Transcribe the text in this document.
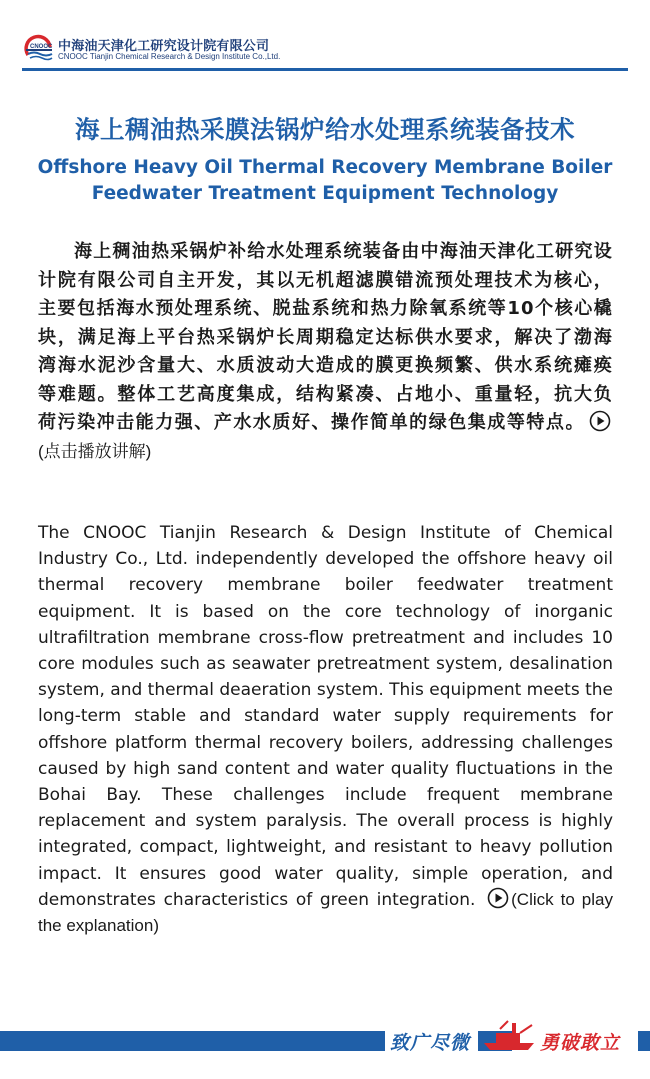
CNOOC 中海油天津化工研究设计院有限公司
CNOOC Tianjin Chemical Research & Design Institute Co.,Ltd.
海上稠油热采膜法锅炉给水处理系统装备技术
Offshore Heavy Oil Thermal Recovery Membrane Boiler Feedwater Treatment Equipment Technology

海上稠油热采锅炉补给水处理系统装备由中海油天津化工研究设计院有限公司自主开发，其以无机超滤膜错流预处理技术为核心，主要包括海水预处理系统、脱盐系统和热力除氧系统等10个核心橇块，满足海上平台热采锅炉长周期稳定达标供水要求，解决了渤海湾海水泥沙含量大、水质波动大造成的膜更换频繁、供水系统瘫痪等难题。整体工艺高度集成，结构紧凑、占地小、重量轻，抗大负荷污染冲击能力强、产水水质好、操作简单的绿色集成等特点。(点击播放讲解)

The CNOOC Tianjin Research & Design Institute of Chemical Industry Co., Ltd. independently developed the offshore heavy oil thermal recovery membrane boiler feedwater treatment equipment. It is based on the core technology of inorganic ultrafiltration membrane cross-flow pretreatment and includes 10 core modules such as seawater pretreatment system, desalination system, and thermal deaeration system. This equipment meets the long-term stable and standard water supply requirements for offshore platform thermal recovery boilers, addressing challenges caused by high sand content and water quality fluctuations in the Bohai Bay. These challenges include frequent membrane replacement and system paralysis. The overall process is highly integrated, compact, lightweight, and resistant to heavy pollution impact. It ensures good water quality, simple operation, and demonstrates characteristics of green integration. (Click to play the explanation)

致广尽微	勇破敢立
